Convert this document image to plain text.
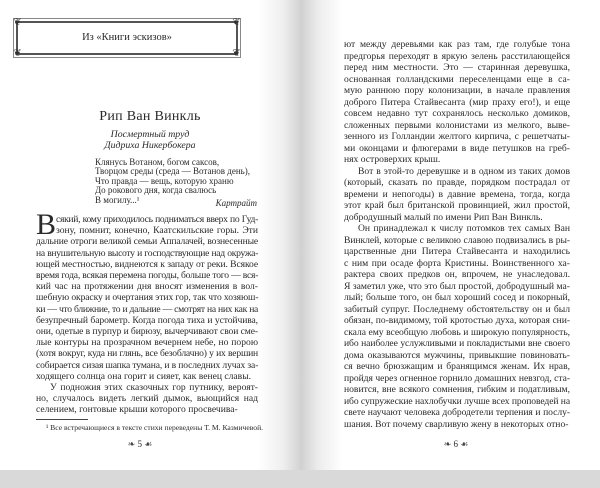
❦	❦
❦	❦
Из «Книги эскизов»
Рип Ван Винкль
Посмертный труд
Дидриха Никербокера
Клянусь Вотаном, богом саксов,
Творцом среды (среда — Вотанов день),
Что правда — вещь, которую храню
До рокового дня, когда свалюсь
В могилу...¹	Картрайт
В сякий, кому приходилось подниматься вверх по Гуд-
зону, помнит, конечно, Каатскильские горы. Эти
дальние отроги великой семьи Аппалачей, вознесенные
на внушительную высоту и господствующие над окружа-
ющей местностью, виднеются к западу от реки. Всякое
время года, всякая перемена погоды, больше того — вся-
кий час на протяжении дня вносят изменения в вол-
шебную окраску и очертания этих гор, так что хозяюш-
ки — что ближние, то и дальние — смотрят на них как на
безупречный барометр. Когда погода тиха и устойчива,
они, одетые в пурпур и бирюзу, вычерчивают свои сме-
лые контуры на прозрачном вечернем небе, но порою
(хотя вокруг, куда ни глянь, все безоблачно) у их вершин
собирается сизая шапка тумана, и в последних лучах за-
ходящего солнца она горит и сияет, как венец славы.
У подножия этих сказочных гор путнику, вероят-
но, случалось видеть легкий дымок, вьющийся над
селением, гонтовые крыши которого просвечива-
¹ Все встречающиеся в тексте стихи переведены Т. М. Казмичевой.
❧ 5 ☙	❧ 6 ☙
ют между деревьями как раз там, где голубые тона
предгорья переходят в яркую зелень расстилающейся
перед ним местности. Это — старинная деревушка,
основанная голландскими переселенцами еще в са-
мую раннюю пору колонизации, в начале правления
доброго Питера Стайвесанта (мир праху его!), и еще
совсем недавно тут сохранялось несколько домиков,
сложенных первыми колонистами из мелкого, выве-
зенного из Голландии желтого кирпича, с решетчаты-
ми оконцами и флюгерами в виде петушков на греб-
нях островерхих крыш.
Вот в этой-то деревушке и в одном из таких домов
(который, сказать по правде, порядком пострадал от
времени и непогоды) в давние времена, тогда, когда
этот край был британской провинцией, жил простой,
добродушный малый по имени Рип Ван Винкль.
Он принадлежал к числу потомков тех самых Ван
Винклей, которые с великою славою подвизались в ры-
царственные дни Питера Стайвесанта и находились
с ним при осаде форта Кристины. Воинственного ха-
рактера своих предков он, впрочем, не унаследовал.
Я заметил уже, что это был простой, добродушный ма-
лый; больше того, он был хороший сосед и покорный,
забитый супруг. Последнему обстоятельству он и был
обязан, по-видимому, той кротостью духа, которая сни-
скала ему всеобщую любовь и широкую популярность,
ибо наиболее услужливыми и покладистыми вне своего
дома оказываются мужчины, привыкшие повиновать-
ся вечно брюзжащим и бранящимся женам. Их нрав,
пройдя через огненное горнило домашних невзгод, ста-
новится, вне всякого сомнения, гибким и податливым,
ибо супружеские нахлобучки лучше всех проповедей на
свете научают человека добродетели терпения и послу-
шания. Вот почему сварливую жену в некоторых отно-
